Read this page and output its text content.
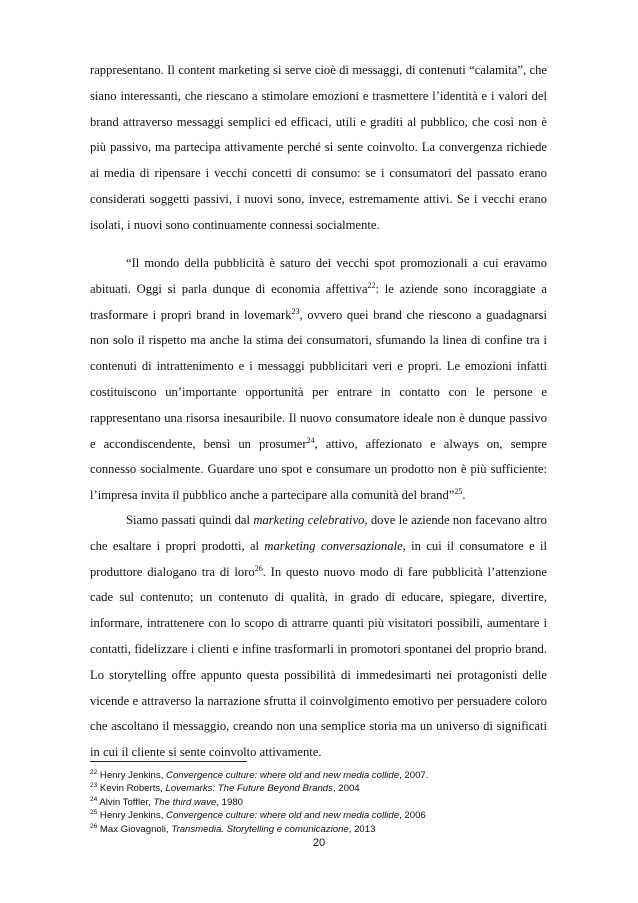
rappresentano. Il content marketing si serve cioè di messaggi, di contenuti “calamita”, che siano interessanti, che riescano a stimolare emozioni e trasmettere l’identità e i valori del brand attraverso messaggi semplici ed efficaci, utili e graditi al pubblico, che così non è più passivo, ma partecipa attivamente perché si sente coinvolto. La convergenza richiede ai media di ripensare i vecchi concetti di consumo: se i consumatori del passato erano considerati soggetti passivi, i nuovi sono, invece, estremamente attivi. Se i vecchi erano isolati, i nuovi sono continuamente connessi socialmente.

“Il mondo della pubblicità è saturo dei vecchi spot promozionali a cui eravamo abituati. Oggi si parla dunque di economia affettiva$^{22}$: le aziende sono incoraggiate a trasformare i propri brand in lovemark$^{23}$, ovvero quei brand che riescono a guadagnarsi non solo il rispetto ma anche la stima dei consumatori, sfumando la linea di confine tra i contenuti di intrattenimento e i messaggi pubblicitari veri e propri. Le emozioni infatti costituiscono un’importante opportunità per entrare in contatto con le persone e rappresentano una risorsa inesauribile. Il nuovo consumatore ideale non è dunque passivo e accondiscendente, bensì un prosumer$^{24}$, attivo, affezionato e always on, sempre connesso socialmente. Guardare uno spot e consumare un prodotto non è più sufficiente: l’impresa invita il pubblico anche a partecipare alla comunità del brand”$^{25}$.

Siamo passati quindi dal marketing celebrativo, dove le aziende non facevano altro che esaltare i propri prodotti, al marketing conversazionale, in cui il consumatore e il produttore dialogano tra di loro$^{26}$. In questo nuovo modo di fare pubblicità l’attenzione cade sul contenuto; un contenuto di qualità, in grado di educare, spiegare, divertire, informare, intrattenere con lo scopo di attrarre quanti più visitatori possibili, aumentare i contatti, fidelizzare i clienti e infine trasformarli in promotori spontanei del proprio brand. Lo storytelling offre appunto questa possibilità di immedesimarti nei protagonisti delle vicende e attraverso la narrazione sfrutta il coinvolgimento emotivo per persuadere coloro che ascoltano il messaggio, creando non una semplice storia ma un universo di significati in cui il cliente si sente coinvolto attivamente.

$^{22}$ Henry Jenkins, Convergence culture: where old and new media collide, 2007.
$^{23}$ Kevin Roberts, Lovemarks: The Future Beyond Brands, 2004
$^{24}$ Alvin Toffler, The third wave, 1980
$^{25}$ Henry Jenkins, Convergence culture: where old and new media collide, 2006
$^{26}$ Max Giovagnoli, Transmedia. Storytelling e comunicazione, 2013
20
